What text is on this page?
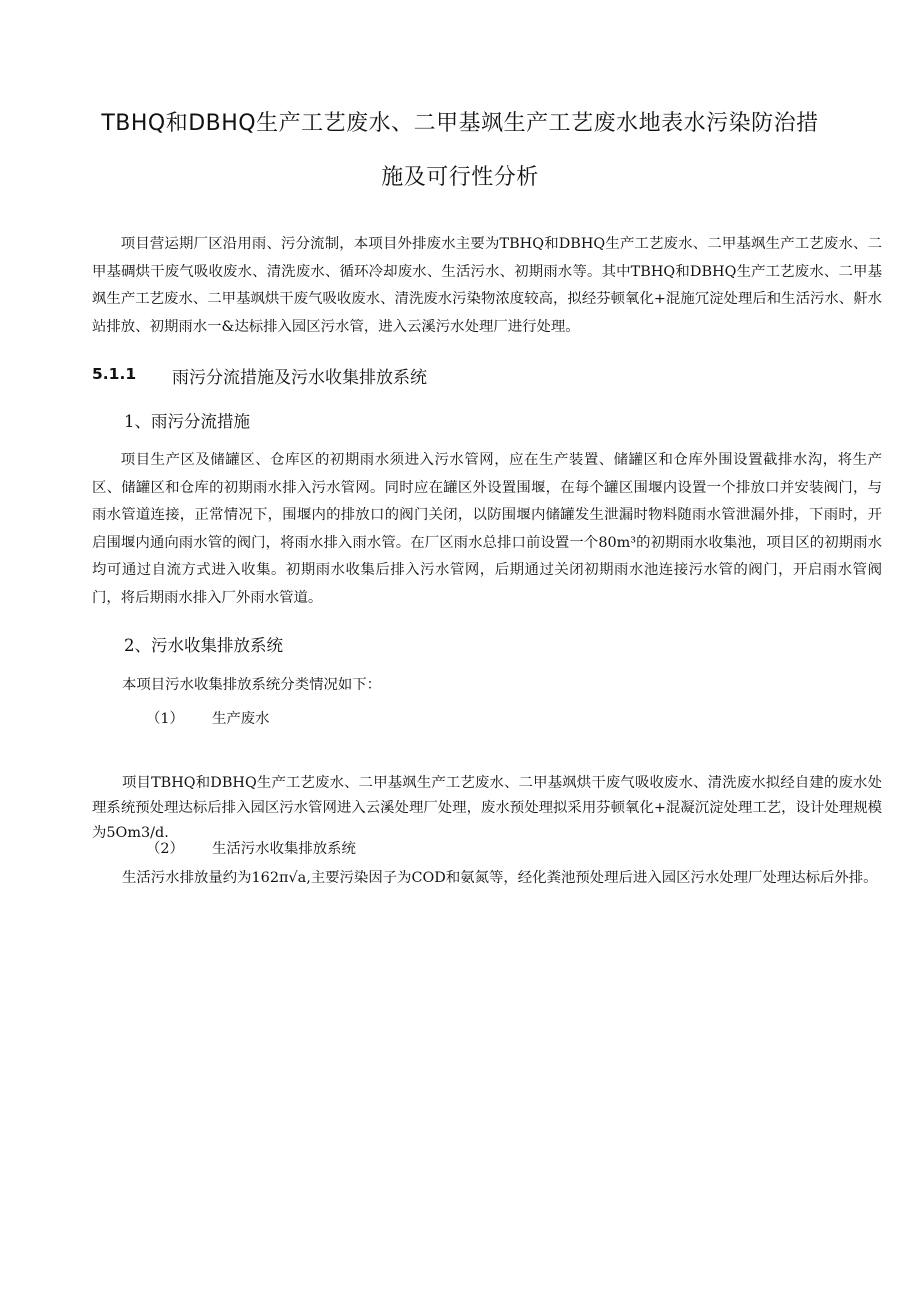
TBHQ和DBHQ生产工艺废水、二甲基飒生产工艺废水地表水污染防治措
施及可行性分析

项目营运期厂区沿用雨、污分流制，本项目外排废水主要为TBHQ和DBHQ生产工艺废水、二甲基飒生产工艺废水、二甲基碉烘干废气吸收废水、清洗废水、循环冷却废水、生活污水、初期雨水等。其中TBHQ和DBHQ生产工艺废水、二甲基飒生产工艺废水、二甲基飒烘干废气吸收废水、清洗废水污染物浓度较高，拟经芬顿氧化+混施冗淀处理后和生活污水、鼾水站排放、初期雨水一&达标排入园区污水管，进入云溪污水处理厂进行处理。

5.1.1 雨污分流措施及污水收集排放系统
1、雨污分流措施

项目生产区及储罐区、仓库区的初期雨水须进入污水管网，应在生产装置、储罐区和仓库外围设置截排水沟，将生产区、储罐区和仓库的初期雨水排入污水管网。同时应在罐区外设置围堰，在每个罐区围堰内设置一个排放口并安装阀门，与雨水管道连接，正常情况下，围堰内的排放口的阀门关闭，以防围堰内储罐发生泄漏时物料随雨水管泄漏外排，下雨时，开启围堰内通向雨水管的阀门，将雨水排入雨水管。在厂区雨水总排口前设置一个80m³的初期雨水收集池，项目区的初期雨水均可通过自流方式进入收集。初期雨水收集后排入污水管网，后期通过关闭初期雨水池连接污水管的阀门，开启雨水管阀门，将后期雨水排入厂外雨水管道。

2、污水收集排放系统

本项目污水收集排放系统分类情况如下：

（1） 生产废水

项目TBHQ和DBHQ生产工艺废水、二甲基飒生产工艺废水、二甲基飒烘干废气吸收废水、清洗废水拟经自建的废水处理系统预处理达标后排入园区污水管网进入云溪处理厂处理，废水预处理拟采用芬顿氧化+混凝沉淀处理工艺，设计处理规模为5Om3∕d.

（2） 生活污水收集排放系统

生活污水排放量约为162π√a,主要污染因子为COD和氨氮等，经化粪池预处理后进入园区污水处理厂处理达标后外排。
